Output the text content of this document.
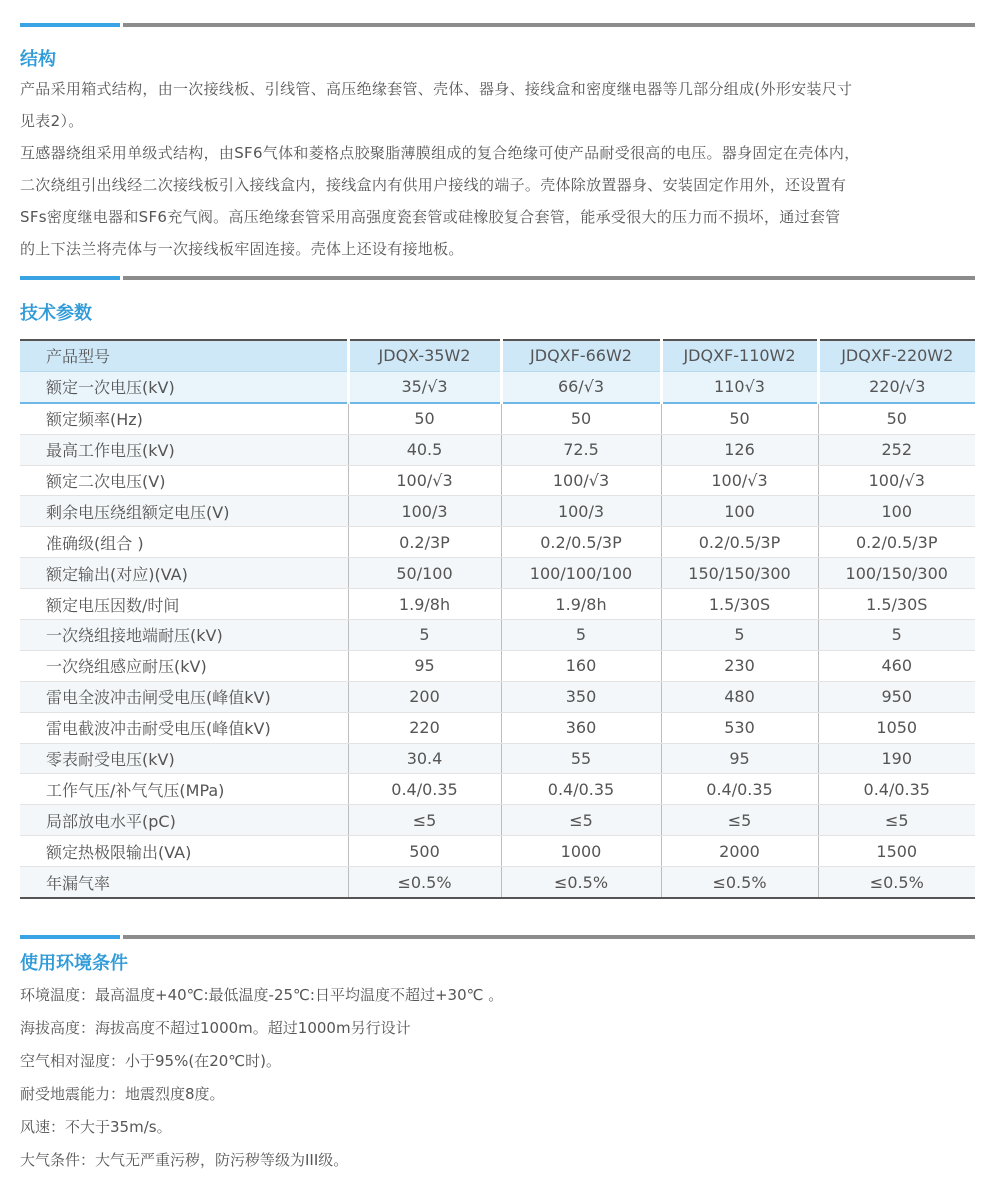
结构

产品采用箱式结构，由一次接线板、引线管、高压绝缘套管、壳体、器身、接线盒和密度继电器等几部分组成(外形安装尺寸

见表2）。

互感器绕组采用单级式结构，由SF6气体和菱格点胶聚脂薄膜组成的复合绝缘可使产品耐受很高的电压。器身固定在壳体内，

二次绕组引出线经二次接线板引入接线盒内，接线盒内有供用户接线的端子。壳体除放置器身、安装固定作用外，还设置有

SFs密度继电器和SF6充气阀。高压绝缘套管采用高强度瓷套管或硅橡胶复合套管，能承受很大的压力而不损坏，通过套管

的上下法兰将壳体与一次接线板牢固连接。壳体上还设有接地板。

技术参数
产品型号	JDQX-35W2	JDQXF-66W2	JDQXF-110W2	JDQXF-220W2
额定一次电压(kV)	35/√3	66/√3	110√3	220/√3
额定频率(Hz)	50	50	50	50
最高工作电压(kV)	40.5	72.5	126	252
额定二次电压(V)	100/√3	100/√3	100/√3	100/√3
剩余电压绕组额定电压(V)	100/3	100/3	100	100
准确级(组合 )	0.2/3P	0.2/0.5/3P	0.2/0.5/3P	0.2/0.5/3P
额定输出(对应)(VA)	50/100	100/100/100	150/150/300	100/150/300
额定电压因数/时间	1.9/8h	1.9/8h	1.5/30S	1.5/30S
一次绕组接地端耐压(kV)	5	5	5	5
一次绕组感应耐压(kV)	95	160	230	460
雷电全波冲击闸受电压(峰值kV)	200	350	480	950
雷电截波冲击耐受电压(峰值kV)	220	360	530	1050
零表耐受电压(kV)	30.4	55	95	190
工作气压/补气气压(MPa)	0.4/0.35	0.4/0.35	0.4/0.35	0.4/0.35
局部放电水平(pC)	≤5	≤5	≤5	≤5
额定热极限输出(VA)	500	1000	2000	1500
年漏气率	≤0.5%	≤0.5%	≤0.5%	≤0.5%
使用环境条件

环境温度：最高温度+40℃:最低温度-25℃:日平均温度不超过+30℃ 。

海拔高度：海拔高度不超过1000m。超过1000m另行设计

空气相对湿度：小于95%(在20℃时)。

耐受地震能力：地震烈度8度。

风速：不大于35m/s。

大气条件：大气无严重污秽，防污秽等级为III级。
